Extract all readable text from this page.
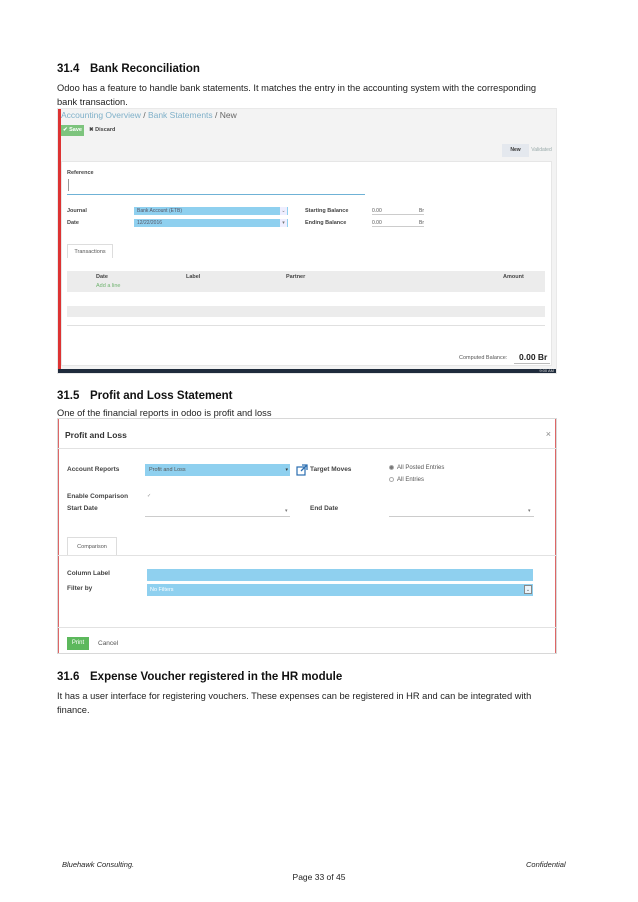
31.4 Bank Reconciliation
Odoo has a feature to handle bank statements. It matches the entry in the accounting system with the corresponding bank transaction.
Accounting Overview / Bank Statements / New
✔ Save	✖ Discard
New	Validated
Reference
Journal	Bank Account (ETB)	⌄
Date	12/22/2016	▾
Starting Balance	0.00	Br
Ending Balance	0.00	Br
Transactions
Date	Label	Partner	Amount
Add a line
Computed Balance: 0.00 Br
9:00 AM
31.5 Profit and Loss Statement
One of the financial reports in odoo is profit and loss
Profit and Loss	×
Account Reports	Profit and Loss	▾	Target Moves	All Posted Entries
All Entries
Enable Comparison	✓
Start Date	▾	End Date	▾
Comparison
Column Label
Filter by	No Filters	⌄
Print	Cancel
31.6 Expense Voucher registered in the HR module
It has a user interface for registering vouchers. These expenses can be registered in HR and can be integrated with finance.
Bluehawk Consulting.	Confidential
Page 33 of 45
